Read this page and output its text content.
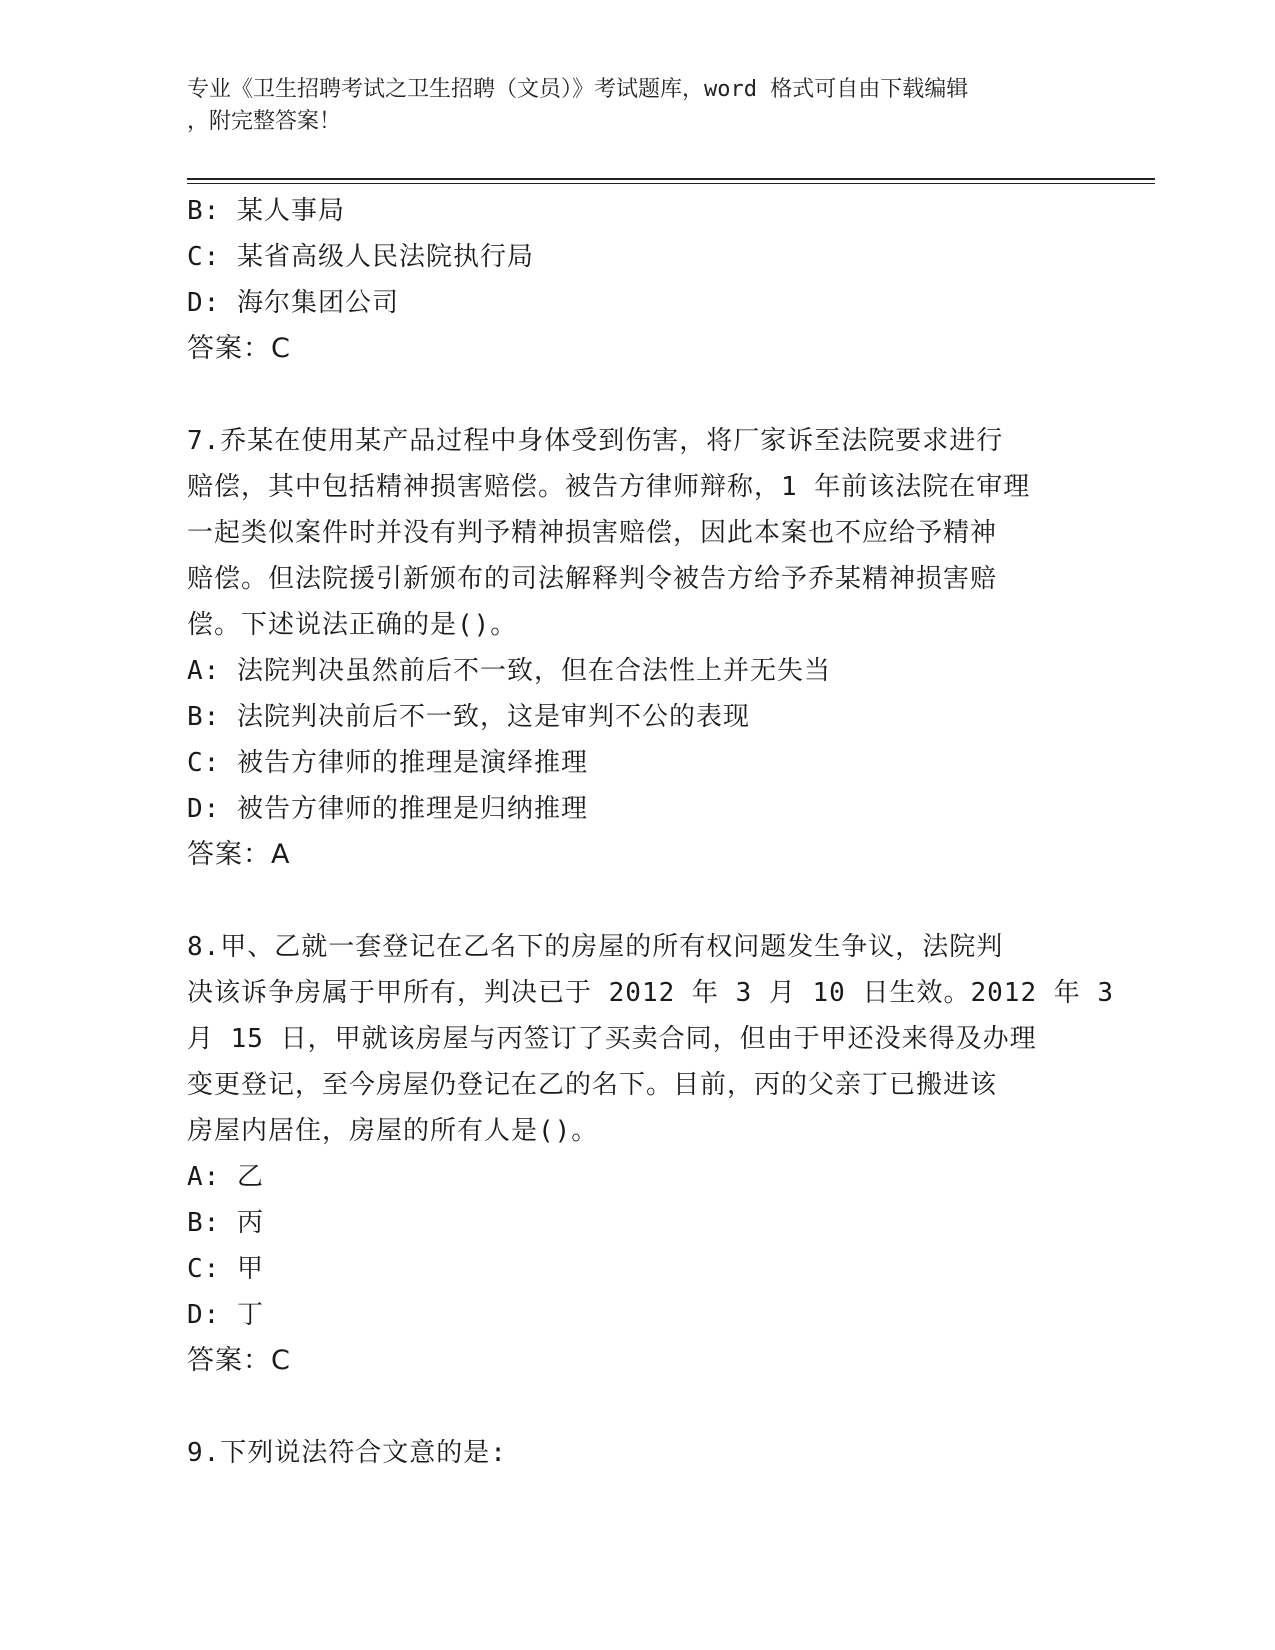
专业《卫生招聘考试之卫生招聘（文员）》考试题库，word 格式可自由下载编辑
，附完整答案！
B: 某人事局
C: 某省高级人民法院执行局
D: 海尔集团公司
答案：C
7.乔某在使用某产品过程中身体受到伤害，将厂家诉至法院要求进行
赔偿，其中包括精神损害赔偿。被告方律师辩称，1 年前该法院在审理
一起类似案件时并没有判予精神损害赔偿，因此本案也不应给予精神
赔偿。但法院援引新颁布的司法解释判令被告方给予乔某精神损害赔
偿。下述说法正确的是()。
A: 法院判决虽然前后不一致，但在合法性上并无失当
B: 法院判决前后不一致，这是审判不公的表现
C: 被告方律师的推理是演绎推理
D: 被告方律师的推理是归纳推理
答案：A
8.甲、乙就一套登记在乙名下的房屋的所有权问题发生争议，法院判
决该诉争房属于甲所有，判决已于 2012 年 3 月 10 日生效。2012 年 3
月 15 日，甲就该房屋与丙签订了买卖合同，但由于甲还没来得及办理
变更登记，至今房屋仍登记在乙的名下。目前，丙的父亲丁已搬进该
房屋内居住，房屋的所有人是()。
A: 乙
B: 丙
C: 甲
D: 丁
答案：C
9.下列说法符合文意的是:
